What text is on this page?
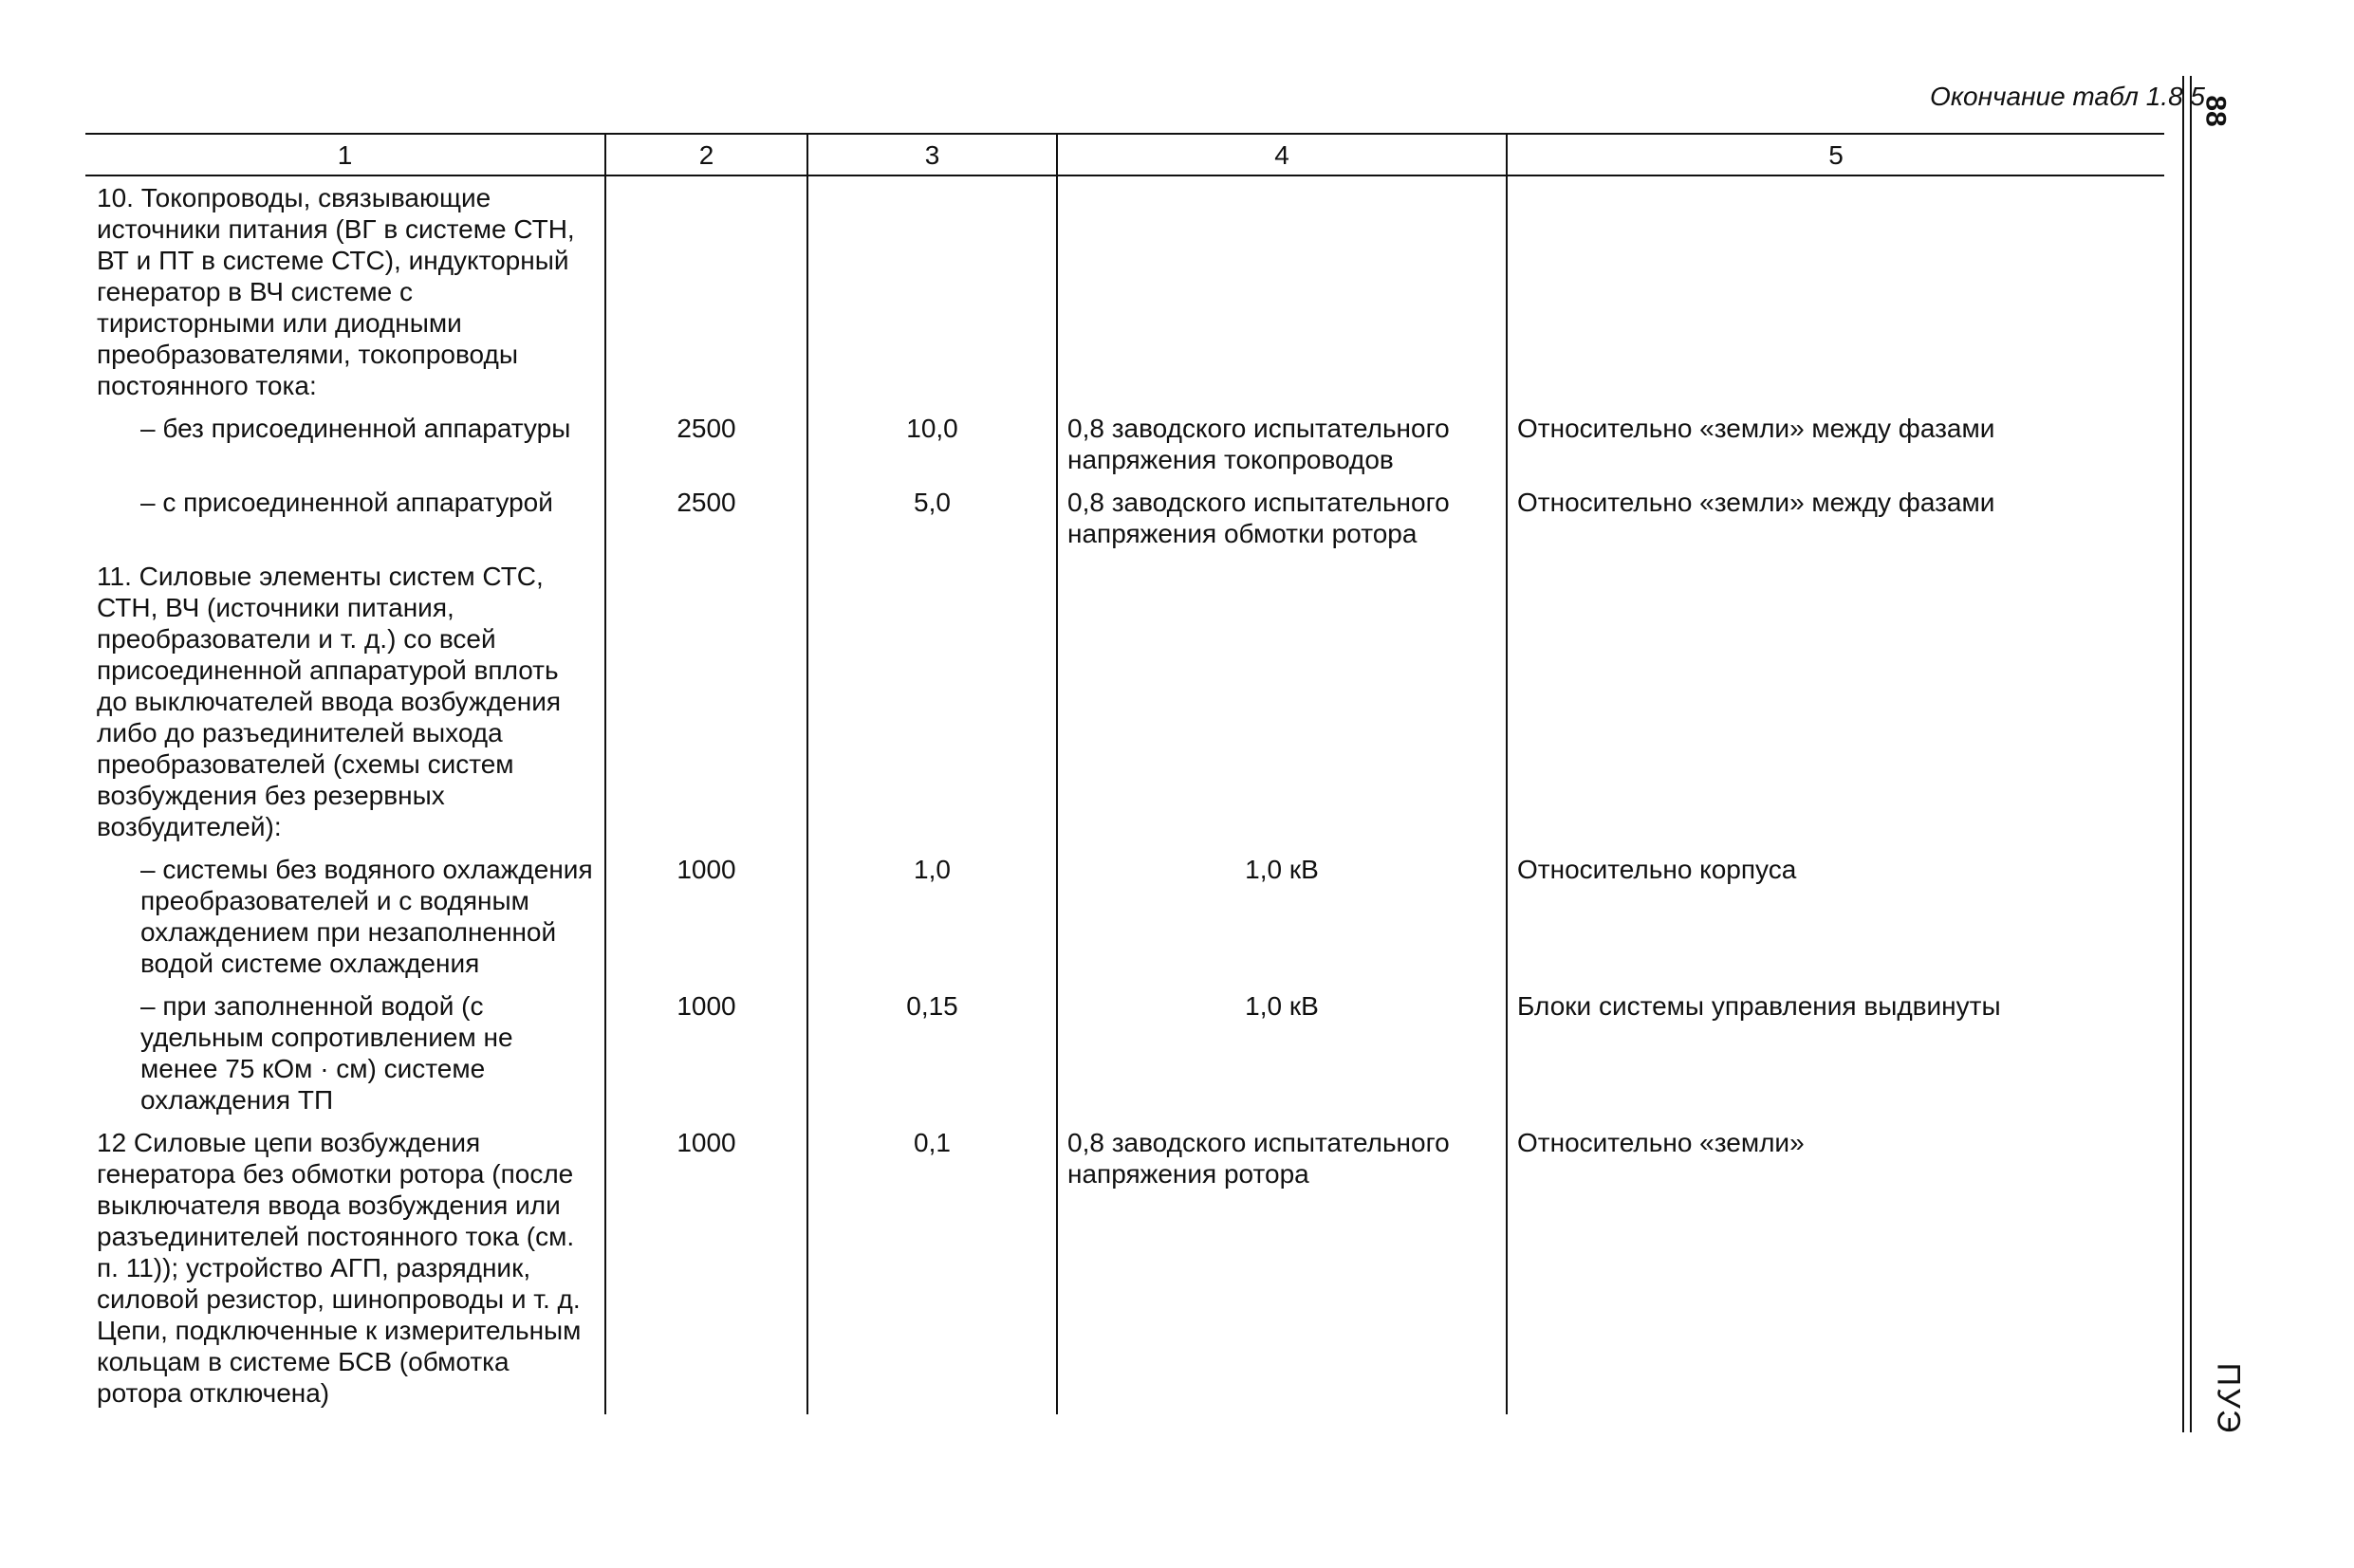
Окончание табл 1.8 5
1	2	3	4	5
10. Токопроводы, связывающие источники питания (ВГ в системе СТН, ВТ и ПТ в системе СТС), индукторный генератор в ВЧ системе с тиристорными или диодными преобразователями, токопроводы постоянного тока:				
– без присоединенной аппаратуры	2500	10,0	0,8 заводского испытательного напряжения токопроводов	Относительно «земли» между фазами
– с присоединенной аппаратурой	2500	5,0	0,8 заводского испытательного напряжения обмотки ротора	Относительно «земли» между фазами
11. Силовые элементы систем СТС, СТН, ВЧ (источники питания, преобразователи и т. д.) со всей присоединенной аппаратурой вплоть до выключателей ввода возбуждения либо до разъединителей выхода преобразователей (схемы систем возбуждения без резервных возбудителей):				
– системы без водяного охлаждения преобразователей и с водяным охлаждением при незаполненной водой системе охлаждения	1000	1,0	1,0 кВ	Относительно корпуса
– при заполненной водой (с удельным сопротивлением не менее 75 кОм · см) системе охлаждения ТП	1000	0,15	1,0 кВ	Блоки системы управления выдвинуты
12 Силовые цепи возбуждения генератора без обмотки ротора (после выключателя ввода возбуждения или разъединителей постоянного тока (см. п. 11)); устройство АГП, разрядник, силовой резистор, шинопроводы и т. д. Цепи, подключенные к измерительным кольцам в системе БСВ (обмотка ротора отключена)	1000	0,1	0,8 заводского испытательного напряжения ротора	Относительно «земли»
88
ПУЭ
